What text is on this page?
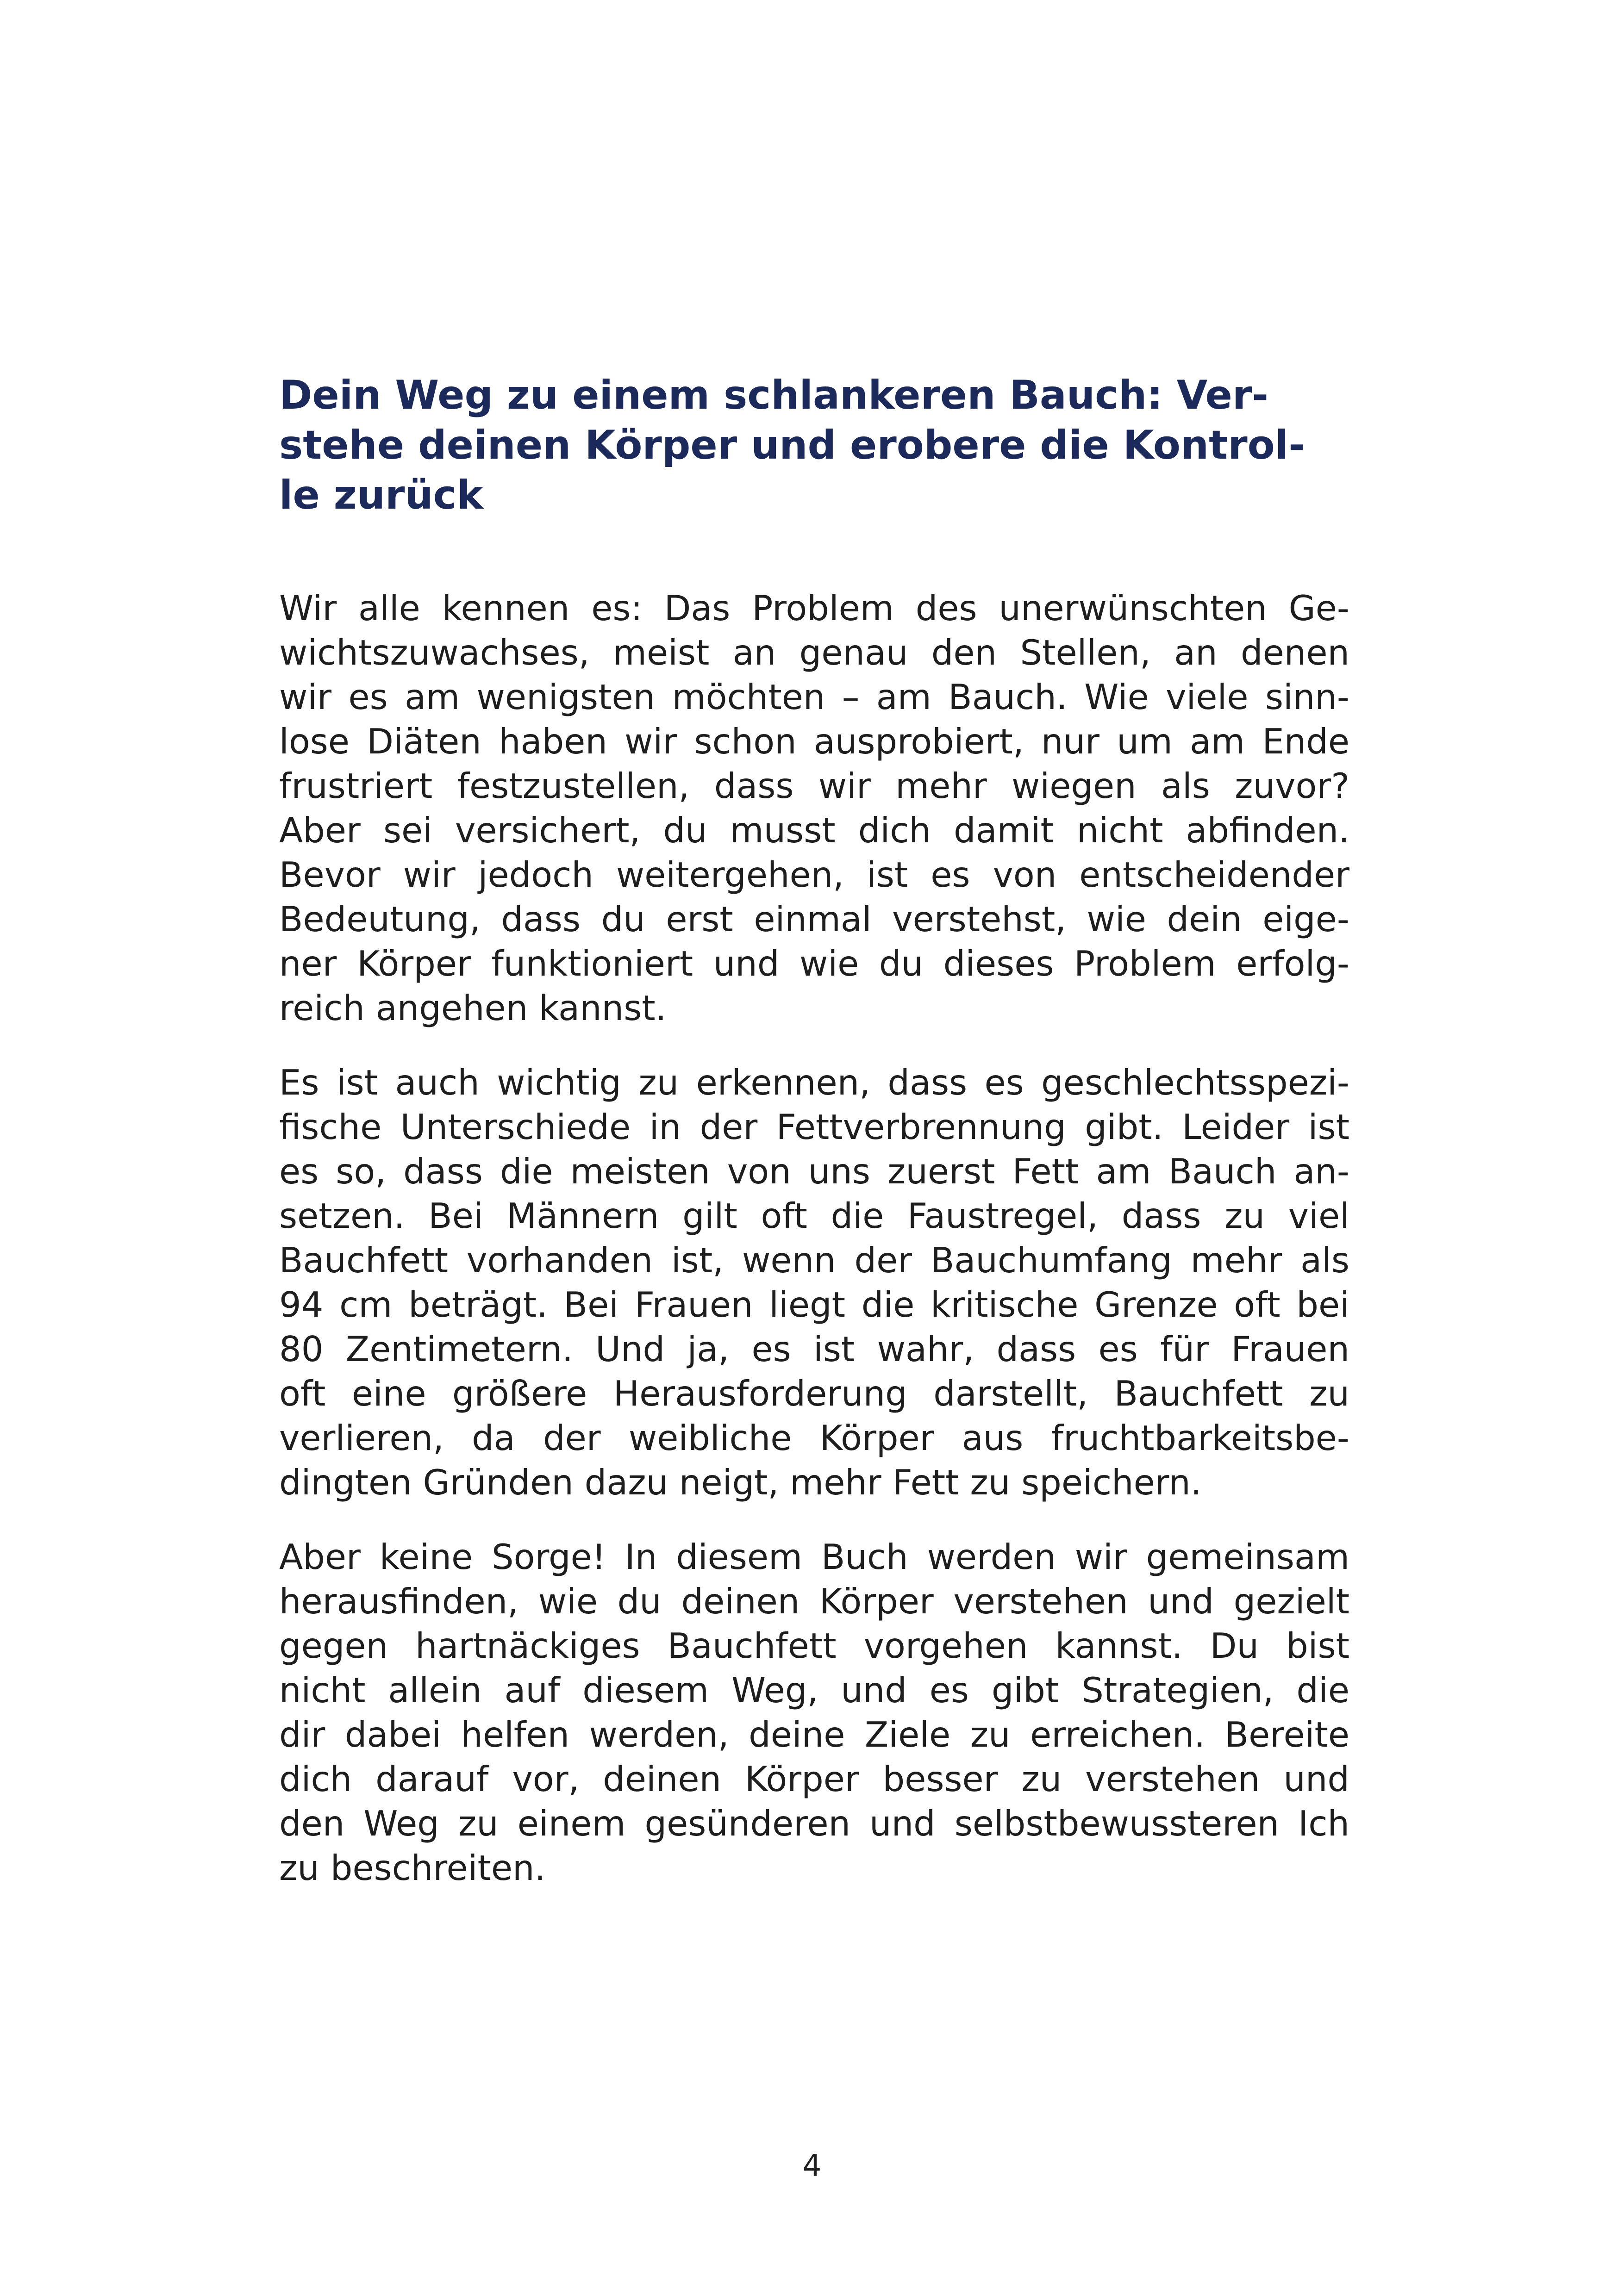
Dein Weg zu einem schlankeren Bauch: Ver-
stehe deinen Körper und erobere die Kontrol-
le zurück

Wir alle kennen es: Das Problem des unerwünschten Ge-
wichtszuwachses, meist an genau den Stellen, an denen
wir es am wenigsten möchten – am Bauch. Wie viele sinn-
lose Diäten haben wir schon ausprobiert, nur um am Ende
frustriert festzustellen, dass wir mehr wiegen als zuvor?
Aber sei versichert, du musst dich damit nicht abfinden.
Bevor wir jedoch weitergehen, ist es von entscheidender
Bedeutung, dass du erst einmal verstehst, wie dein eige-
ner Körper funktioniert und wie du dieses Problem erfolg-
reich angehen kannst.

Es ist auch wichtig zu erkennen, dass es geschlechtsspezi-
fische Unterschiede in der Fettverbrennung gibt. Leider ist
es so, dass die meisten von uns zuerst Fett am Bauch an-
setzen. Bei Männern gilt oft die Faustregel, dass zu viel
Bauchfett vorhanden ist, wenn der Bauchumfang mehr als
94 cm beträgt. Bei Frauen liegt die kritische Grenze oft bei
80 Zentimetern. Und ja, es ist wahr, dass es für Frauen
oft eine größere Herausforderung darstellt, Bauchfett zu
verlieren, da der weibliche Körper aus fruchtbarkeitsbe-
dingten Gründen dazu neigt, mehr Fett zu speichern.

Aber keine Sorge! In diesem Buch werden wir gemeinsam
herausfinden, wie du deinen Körper verstehen und gezielt
gegen hartnäckiges Bauchfett vorgehen kannst. Du bist
nicht allein auf diesem Weg, und es gibt Strategien, die
dir dabei helfen werden, deine Ziele zu erreichen. Bereite
dich darauf vor, deinen Körper besser zu verstehen und
den Weg zu einem gesünderen und selbstbewussteren Ich
zu beschreiten.

4
